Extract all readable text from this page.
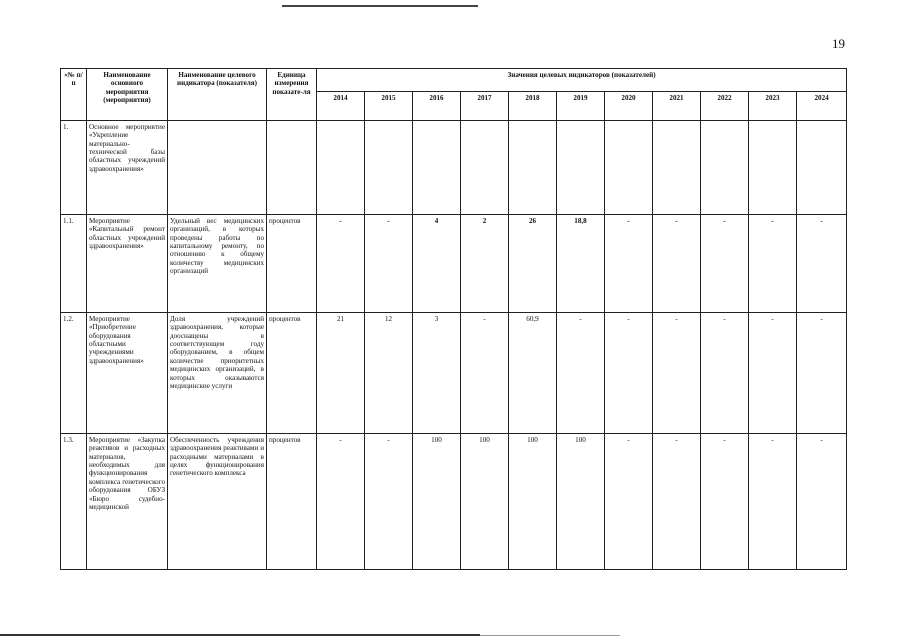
19
«№ п/п	Наименование основного мероприятия (мероприятия)	Наименование целевого индикатора (показателя)	Единица измерения показате-ля	Значения целевых индикаторов (показателей)										
				2014	2015	2016	2017	2018	2019	2020	2021	2022	2023	2024
1.	Основное мероприятие «Укрепление материально-технической базы областных учреждений здравоохранения»													
1.1.	Мероприятие «Капитальный ремонт областных учреждений здравоохранения»	Удельный вес медицинских организаций, в которых проведены работы по капитальному ремонту, по отношению к общему количеству медицинских организаций	процентов	-	-	4	2	26	18,8	-	-	-	-	-
1.2.	Мероприятие «Приобретение оборудования областными учреждениями здравоохранения»	Доля учреждений здравоохранения, которые дооснащены в соответствующем году оборудованием, в общем количестве приоритетных медицинских организаций, в которых оказываются медицинские услуги	процентов	21	12	3	-	60,9	-	-	-	-	-	-
1.3.	Мероприятие «Закупка реактивов и расходных материалов, необходимых для функционирования комплекса генетического оборудования ОБУЗ «Бюро судебно-медицинской	Обеспеченность учреждения здравоохранения реактивами и расходными материалами в целях функционирования генетического комплекса	процентов	-	-	100	100	100	100	-	-	-	-	-
